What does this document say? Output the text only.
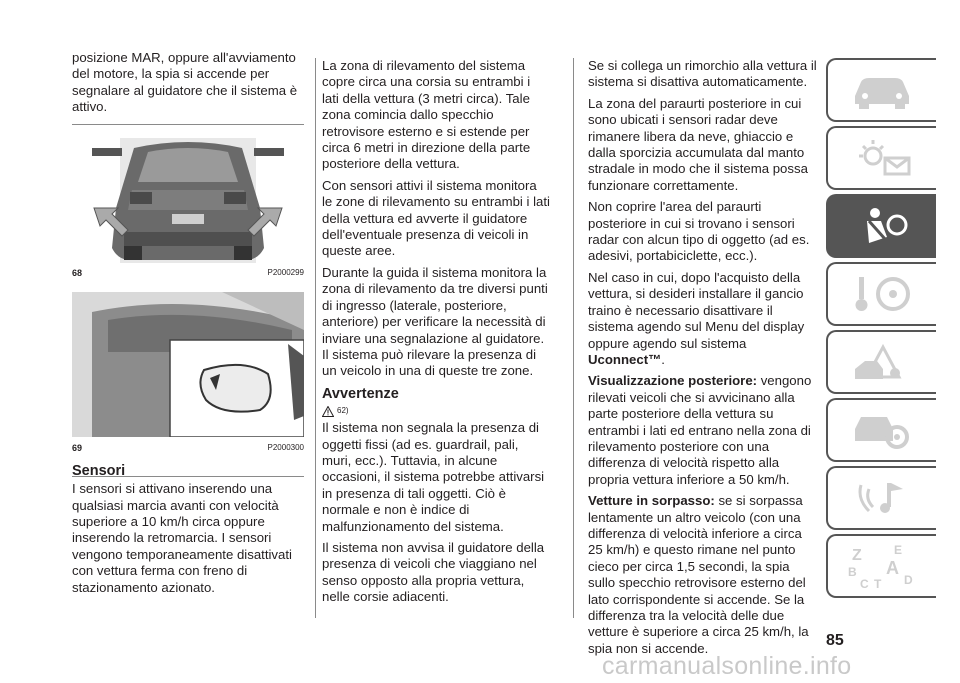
posizione MAR, oppure all'avviamento del motore, la spia si accende per segnalare al guidatore che il sistema è attivo.

68	P2000299
69	P2000300
Sensori

I sensori si attivano inserendo una qualsiasi marcia avanti con velocità superiore a 10 km/h circa oppure inserendo la retromarcia. I sensori vengono temporaneamente disattivati con vettura ferma con freno di stazionamento azionato.

La zona di rilevamento del sistema copre circa una corsia su entrambi i lati della vettura (3 metri circa). Tale zona comincia dallo specchio retrovisore esterno e si estende per circa 6 metri in direzione della parte posteriore della vettura.

Con sensori attivi il sistema monitora le zone di rilevamento su entrambi i lati della vettura ed avverte il guidatore dell'eventuale presenza di veicoli in queste aree.

Durante la guida il sistema monitora la zona di rilevamento da tre diversi punti di ingresso (laterale, posteriore, anteriore) per verificare la necessità di inviare una segnalazione al guidatore. Il sistema può rilevare la presenza di un veicolo in una di queste tre zone.

Avvertenze
62)

Il sistema non segnala la presenza di oggetti fissi (ad es. guardrail, pali, muri, ecc.). Tuttavia, in alcune occasioni, il sistema potrebbe attivarsi in presenza di tali oggetti. Ciò è normale e non è indice di malfunzionamento del sistema.

Il sistema non avvisa il guidatore della presenza di veicoli che viaggiano nel senso opposto alla propria vettura, nelle corsie adiacenti.

Se si collega un rimorchio alla vettura il sistema si disattiva automaticamente.

La zona del paraurti posteriore in cui sono ubicati i sensori radar deve rimanere libera da neve, ghiaccio e dalla sporcizia accumulata dal manto stradale in modo che il sistema possa funzionare correttamente.

Non coprire l'area del paraurti posteriore in cui si trovano i sensori radar con alcun tipo di oggetto (ad es. adesivi, portabiciclette, ecc.).

Nel caso in cui, dopo l'acquisto della vettura, si desideri installare il gancio traino è necessario disattivare il sistema agendo sul Menu del display oppure agendo sul sistema Uconnect™.

Visualizzazione posteriore: vengono rilevati veicoli che si avvicinano alla parte posteriore della vettura su entrambi i lati ed entrano nella zona di rilevamento posteriore con una differenza di velocità rispetto alla propria vettura inferiore a 50 km/h.

Vetture in sorpasso: se si sorpassa lentamente un altro veicolo (con una differenza di velocità inferiore a circa 25 km/h) e questo rimane nel punto cieco per circa 1,5 secondi, la spia sullo specchio retrovisore esterno del lato corrispondente si accende. Se la differenza tra la velocità delle due vetture è superiore a circa 25 km/h, la spia non si accende.

Z	E
A
B
C T D
85
carmanualsonline.info
